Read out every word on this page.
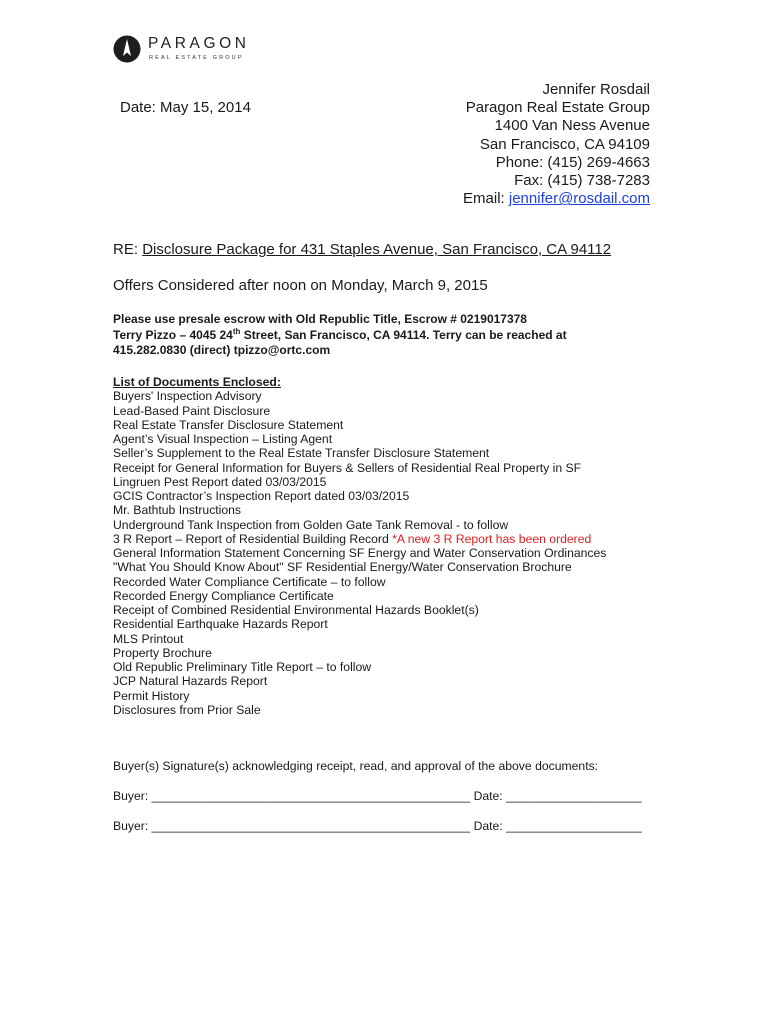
PARAGON
REAL ESTATE GROUP
Date: May 15, 2014
Jennifer Rosdail
Paragon Real Estate Group
1400 Van Ness Avenue
San Francisco, CA 94109
Phone: (415) 269-4663
Fax: (415) 738-7283
Email: jennifer@rosdail.com
RE: Disclosure Package for 431 Staples Avenue, San Francisco, CA 94112
Offers Considered after noon on Monday, March 9, 2015
Please use presale escrow with Old Republic Title, Escrow # 0219017378
Terry Pizzo – 4045 24th Street, San Francisco, CA 94114. Terry can be reached at
415.282.0830 (direct) tpizzo@ortc.com
List of Documents Enclosed:
Buyers' Inspection Advisory
Lead-Based Paint Disclosure
Real Estate Transfer Disclosure Statement
Agent’s Visual Inspection – Listing Agent
Seller’s Supplement to the Real Estate Transfer Disclosure Statement
Receipt for General Information for Buyers & Sellers of Residential Real Property in SF
Lingruen Pest Report dated 03/03/2015
GCIS Contractor’s Inspection Report dated 03/03/2015
Mr. Bathtub Instructions
Underground Tank Inspection from Golden Gate Tank Removal - to follow
3 R Report – Report of Residential Building Record *A new 3 R Report has been ordered
General Information Statement Concerning SF Energy and Water Conservation Ordinances
"What You Should Know About" SF Residential Energy/Water Conservation Brochure
Recorded Water Compliance Certificate – to follow
Recorded Energy Compliance Certificate
Receipt of Combined Residential Environmental Hazards Booklet(s)
Residential Earthquake Hazards Report
MLS Printout
Property Brochure
Old Republic Preliminary Title Report – to follow
JCP Natural Hazards Report
Permit History
Disclosures from Prior Sale
Buyer(s) Signature(s) acknowledging receipt, read, and approval of the above documents:
Buyer: _______________________________________________ Date: ____________________
Buyer: _______________________________________________ Date: ____________________
